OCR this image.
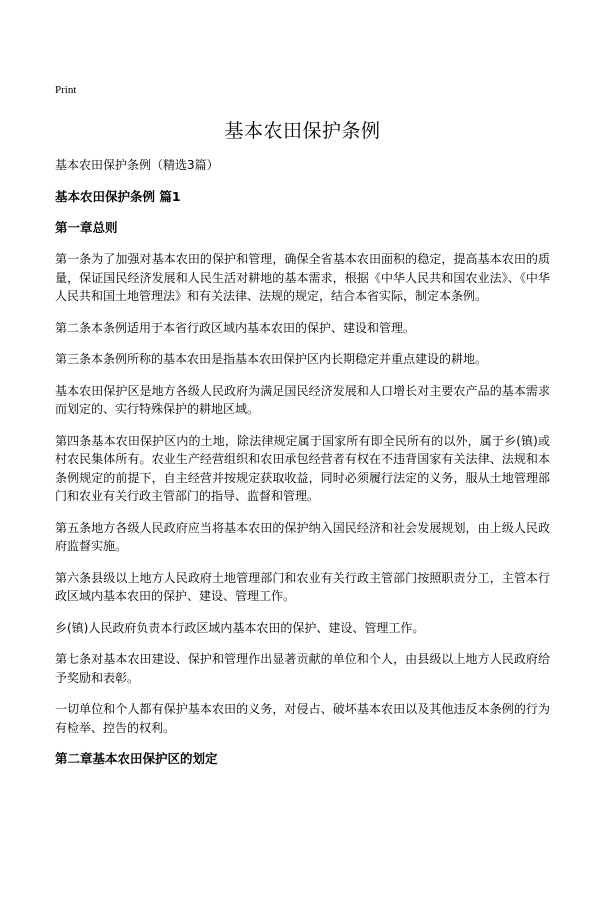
Print
基本农田保护条例

基本农田保护条例（精选3篇）

基本农田保护条例 篇1

第一章总则

第一条为了加强对基本农田的保护和管理，确保全省基本农田面积的稳定，提高基本农田的质量，保证国民经济发展和人民生活对耕地的基本需求，根据《中华人民共和国农业法》、《中华人民共和国土地管理法》和有关法律、法规的规定，结合本省实际，制定本条例。

第二条本条例适用于本省行政区域内基本农田的保护、建设和管理。

第三条本条例所称的基本农田是指基本农田保护区内长期稳定并重点建设的耕地。

基本农田保护区是地方各级人民政府为满足国民经济发展和人口增长对主要农产品的基本需求而划定的、实行特殊保护的耕地区域。

第四条基本农田保护区内的土地，除法律规定属于国家所有即全民所有的以外，属于乡(镇)或村农民集体所有。农业生产经营组织和农田承包经营者有权在不违背国家有关法律、法规和本条例规定的前提下，自主经营并按规定获取收益，同时必须履行法定的义务，服从土地管理部门和农业有关行政主管部门的指导、监督和管理。

第五条地方各级人民政府应当将基本农田的保护纳入国民经济和社会发展规划，由上级人民政府监督实施。

第六条县级以上地方人民政府土地管理部门和农业有关行政主管部门按照职责分工，主管本行政区域内基本农田的保护、建设、管理工作。

乡(镇)人民政府负责本行政区域内基本农田的保护、建设、管理工作。

第七条对基本农田建设、保护和管理作出显著贡献的单位和个人，由县级以上地方人民政府给予奖励和表彰。

一切单位和个人都有保护基本农田的义务，对侵占、破坏基本农田以及其他违反本条例的行为有检举、控告的权利。

第二章基本农田保护区的划定
